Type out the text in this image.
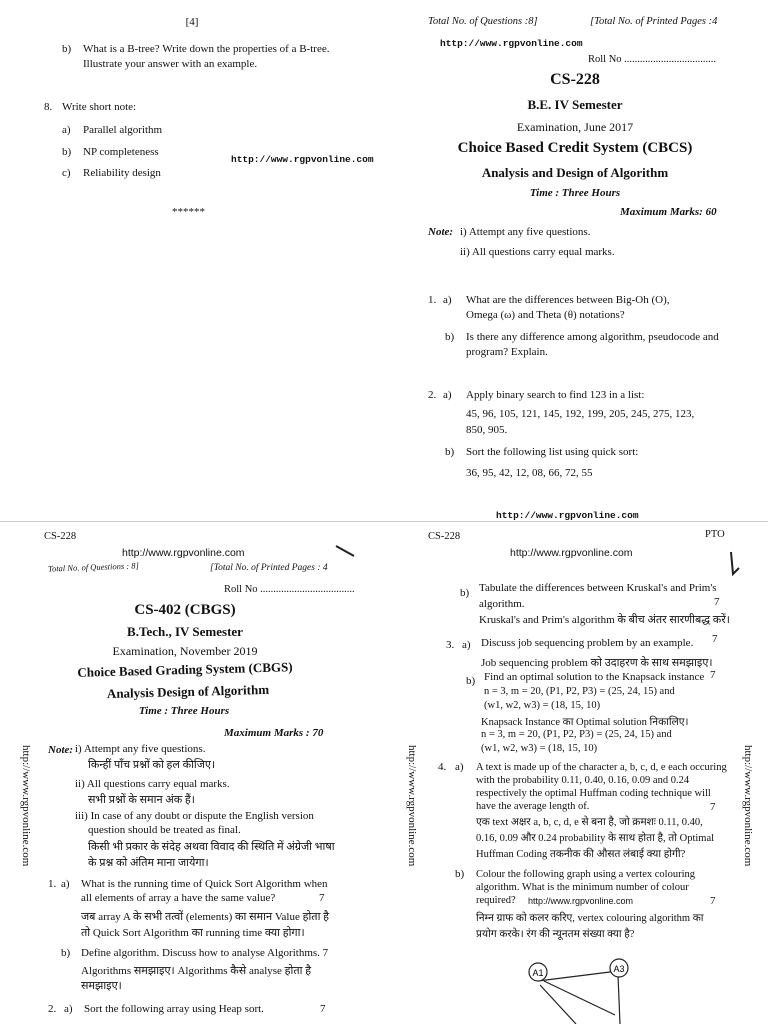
[4]
b) What is a B-tree? Write down the properties of a B-tree.
Illustrate your answer with an example.
8. Write short note:
a) Parallel algorithm
b) NP completeness
c) Reliability design
http://www.rgpvonline.com
******
Total No. of Questions :8]	[Total No. of Printed Pages :4
http://www.rgpvonline.com
Roll No ...................................
CS-228
B.E. IV Semester
Examination, June 2017
Choice Based Credit System (CBCS)
Analysis and Design of Algorithm
Time : Three Hours
Maximum Marks: 60
Note: i) Attempt any five questions.
ii) All questions carry equal marks.
1. a) What are the differences between Big-Oh (O),
Omega (ω) and Theta (θ) notations?
b) Is there any difference among algorithm, pseudocode and
program? Explain.
2. a) Apply binary search to find 123 in a list:
45, 96, 105, 121, 145, 192, 199, 205, 245, 275, 123,
850, 905.
b) Sort the following list using quick sort:
36, 95, 42, 12, 08, 66, 72, 55
http://www.rgpvonline.com
CS-228
http://www.rgpvonline.com
Total No. of Questions : 8]	[Total No. of Printed Pages : 4
Roll No ....................................
CS-402 (CBGS)
B.Tech., IV Semester
Examination, November 2019
Choice Based Grading System (CBGS)
Analysis Design of Algorithm
Time : Three Hours
Maximum Marks : 70
Note: i) Attempt any five questions.
किन्हीं पाँच प्रश्नों को हल कीजिए।
ii) All questions carry equal marks.
सभी प्रश्नों के समान अंक हैं।
iii) In case of any doubt or dispute the English version
question should be treated as final.
किसी भी प्रकार के संदेह अथवा विवाद की स्थिति में अंग्रेजी भाषा
के प्रश्न को अंतिम माना जायेगा।
1. a) What is the running time of Quick Sort Algorithm when
all elements of array a have the same value?	7
जब array A के सभी तत्वों (elements) का समान Value होता है
तो Quick Sort Algorithm का running time क्या होगा।
b) Define algorithm. Discuss how to analyse Algorithms. 7
Algorithms समझाइए। Algorithms कैसे analyse होता है
समझाइए।
2. a) Sort the following array using Heap sort.	7
http://www.rgpvonline.com
CS-228	PTO
http://www.rgpvonline.com
b) Tabulate the differences between Kruskal's and Prim's
algorithm.	7
Kruskal's and Prim's algorithm के बीच अंतर सारणीबद्ध करें।
3. a) Discuss job sequencing problem by an example. 7
Job sequencing problem को उदाहरण के साथ समझाइए।
b) Find an optimal solution to the Knapsack instance 7
n = 3, m = 20, (P1, P2, P3) = (25, 24, 15) and
(w1, w2, w3) = (18, 15, 10)
Knapsack Instance का Optimal solution निकालिए।
n = 3, m = 20, (P1, P2, P3) = (25, 24, 15) and
(w1, w2, w3) = (18, 15, 10)
4. a) A text is made up of the character a, b, c, d, e each occuring
with the probability 0.11, 0.40, 0.16, 0.09 and 0.24
respectively the optimal Huffman coding technique will
have the average length of.	7
एक text अक्षर a, b, c, d, e से बना है, जो क्रमशः 0.11, 0.40,
0.16, 0.09 और 0.24 probability के साथ होता है, तो Optimal
Huffman Coding तकनीक की औसत लंबाई क्या होगी?
b) Colour the following graph using a vertex colouring
algorithm. What is the minimum number of colour
required? http://www.rgpvonline.com	7
निम्न ग्राफ को कलर करिए, vertex colouring algorithm का
प्रयोग करके। रंग की न्यूनतम संख्या क्या है?
A1	A3
http://www.rgpvonline.com	http://www.rgpvonline.com
